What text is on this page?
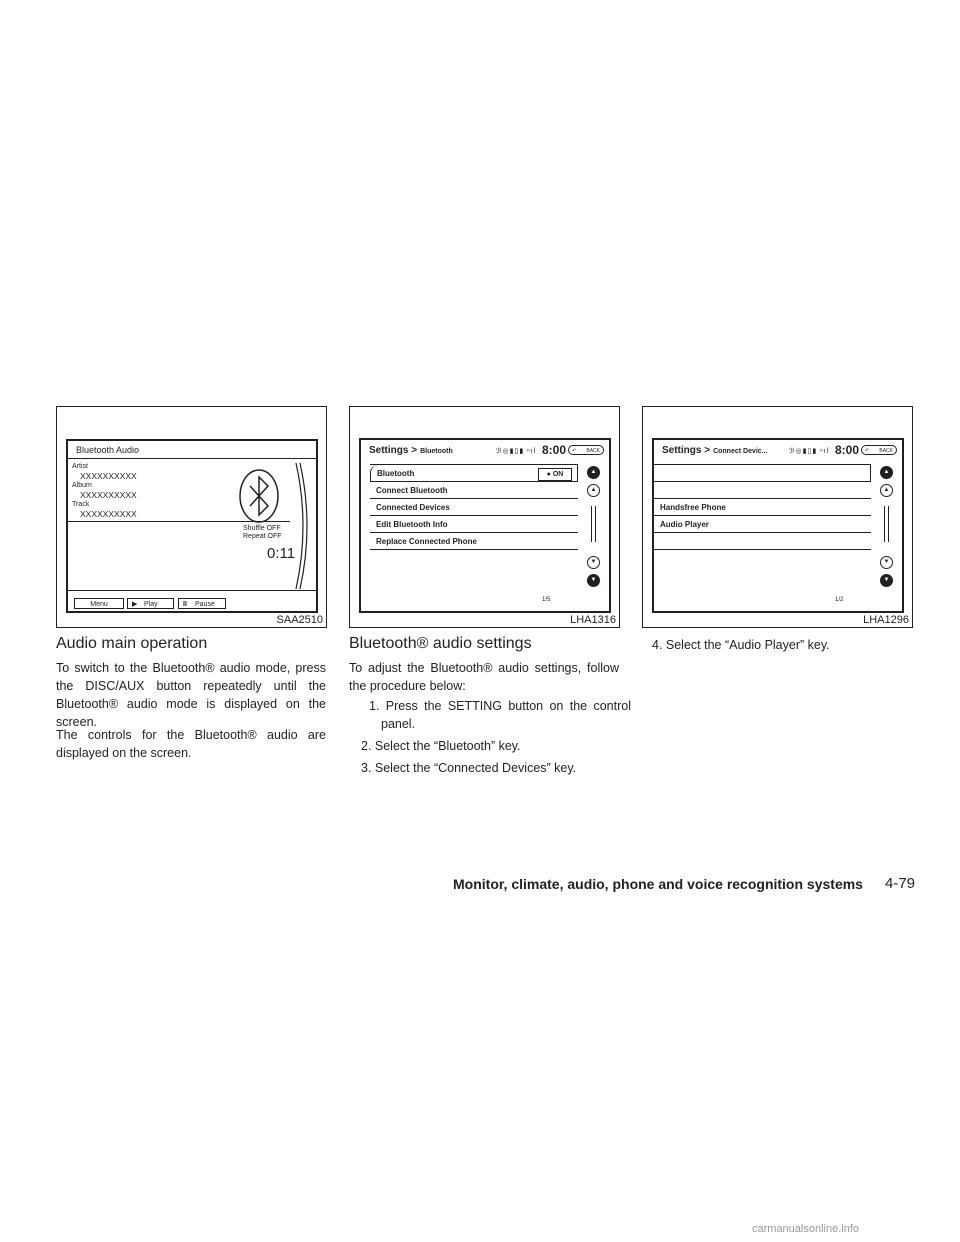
Bluetooth Audio
Artist
XXXXXXXXXX
Album
XXXXXXXXXX
Track
XXXXXXXXXX
Shuffle OFF
Repeat OFF
0:11
Menu	▶ Play	II Pause
SAA2510
Settings > Bluetooth	ℬ◎▮▯▮ ⁿıl 8:00 ↶ BACK
Bluetooth	● ON
Connect Bluetooth
Connected Devices
Edit Bluetooth Info
Replace Connected Phone
▲
▲
▼
▼
1/5
LHA1316
Settings > Connect Devic...	ℬ◎▮▯▮ ⁿıl 8:00 ↶ BACK
Handsfree Phone
Audio Player
▲
▲
▼
▼
1/2
LHA1296
Audio main operation

To switch to the Bluetooth® audio mode, press the DISC/AUX button repeatedly until the Bluetooth® audio mode is displayed on the screen.

The controls for the Bluetooth® audio are displayed on the screen.

Bluetooth® audio settings

To adjust the Bluetooth® audio settings, follow the procedure below:

1. Press the SETTING button on the control panel.

2. Select the “Bluetooth” key.

3. Select the “Connected Devices” key.

4. Select the “Audio Player” key.

Monitor, climate, audio, phone and voice recognition systems 4-79
carmanualsonline.info
